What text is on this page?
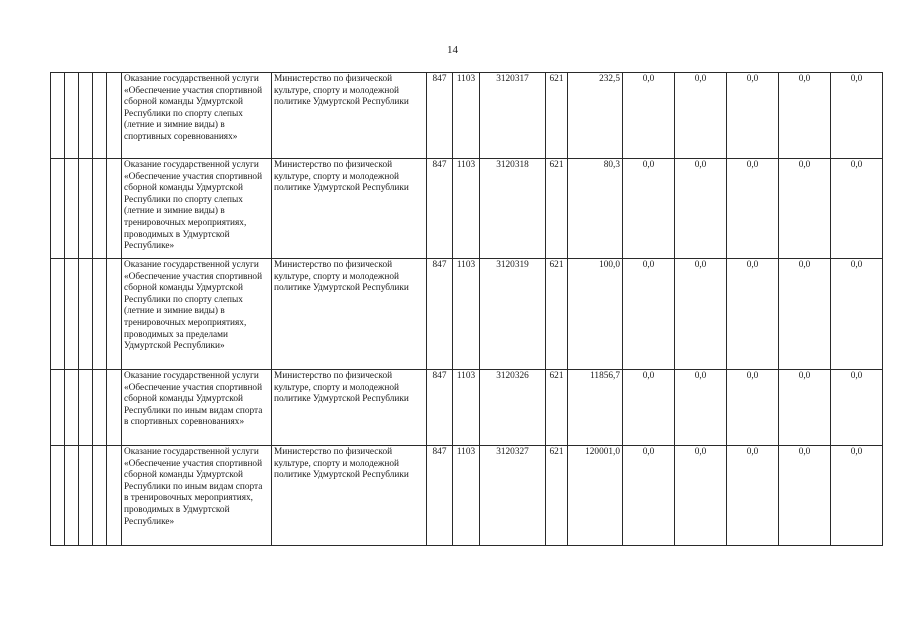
14
					Оказание государственной услуги «Обеспечение участия спортивной сборной команды Удмуртской Республики по спорту слепых (летние и зимние виды) в спортивных соревнованиях»	Министерство по физической культуре, спорту и молодежной политике Удмуртской Республики	847	1103	3120317	621	232,5	0,0	0,0	0,0	0,0	0,0
					Оказание государственной услуги «Обеспечение участия спортивной сборной команды Удмуртской Республики по спорту слепых (летние и зимние виды) в тренировочных мероприятиях, проводимых в Удмуртской Республике»	Министерство по физической культуре, спорту и молодежной политике Удмуртской Республики	847	1103	3120318	621	80,3	0,0	0,0	0,0	0,0	0,0
					Оказание государственной услуги «Обеспечение участия спортивной сборной команды Удмуртской Республики по спорту слепых (летние и зимние виды) в тренировочных мероприятиях, проводимых за пределами Удмуртской Республики»	Министерство по физической культуре, спорту и молодежной политике Удмуртской Республики	847	1103	3120319	621	100,0	0,0	0,0	0,0	0,0	0,0
					Оказание государственной услуги «Обеспечение участия спортивной сборной команды Удмуртской Республики по иным видам спорта в спортивных соревнованиях»	Министерство по физической культуре, спорту и молодежной политике Удмуртской Республики	847	1103	3120326	621	11856,7	0,0	0,0	0,0	0,0	0,0
					Оказание государственной услуги «Обеспечение участия спортивной сборной команды Удмуртской Республики по иным видам спорта в тренировочных мероприятиях, проводимых в Удмуртской Республике»	Министерство по физической культуре, спорту и молодежной политике Удмуртской Республики	847	1103	3120327	621	120001,0	0,0	0,0	0,0	0,0	0,0
